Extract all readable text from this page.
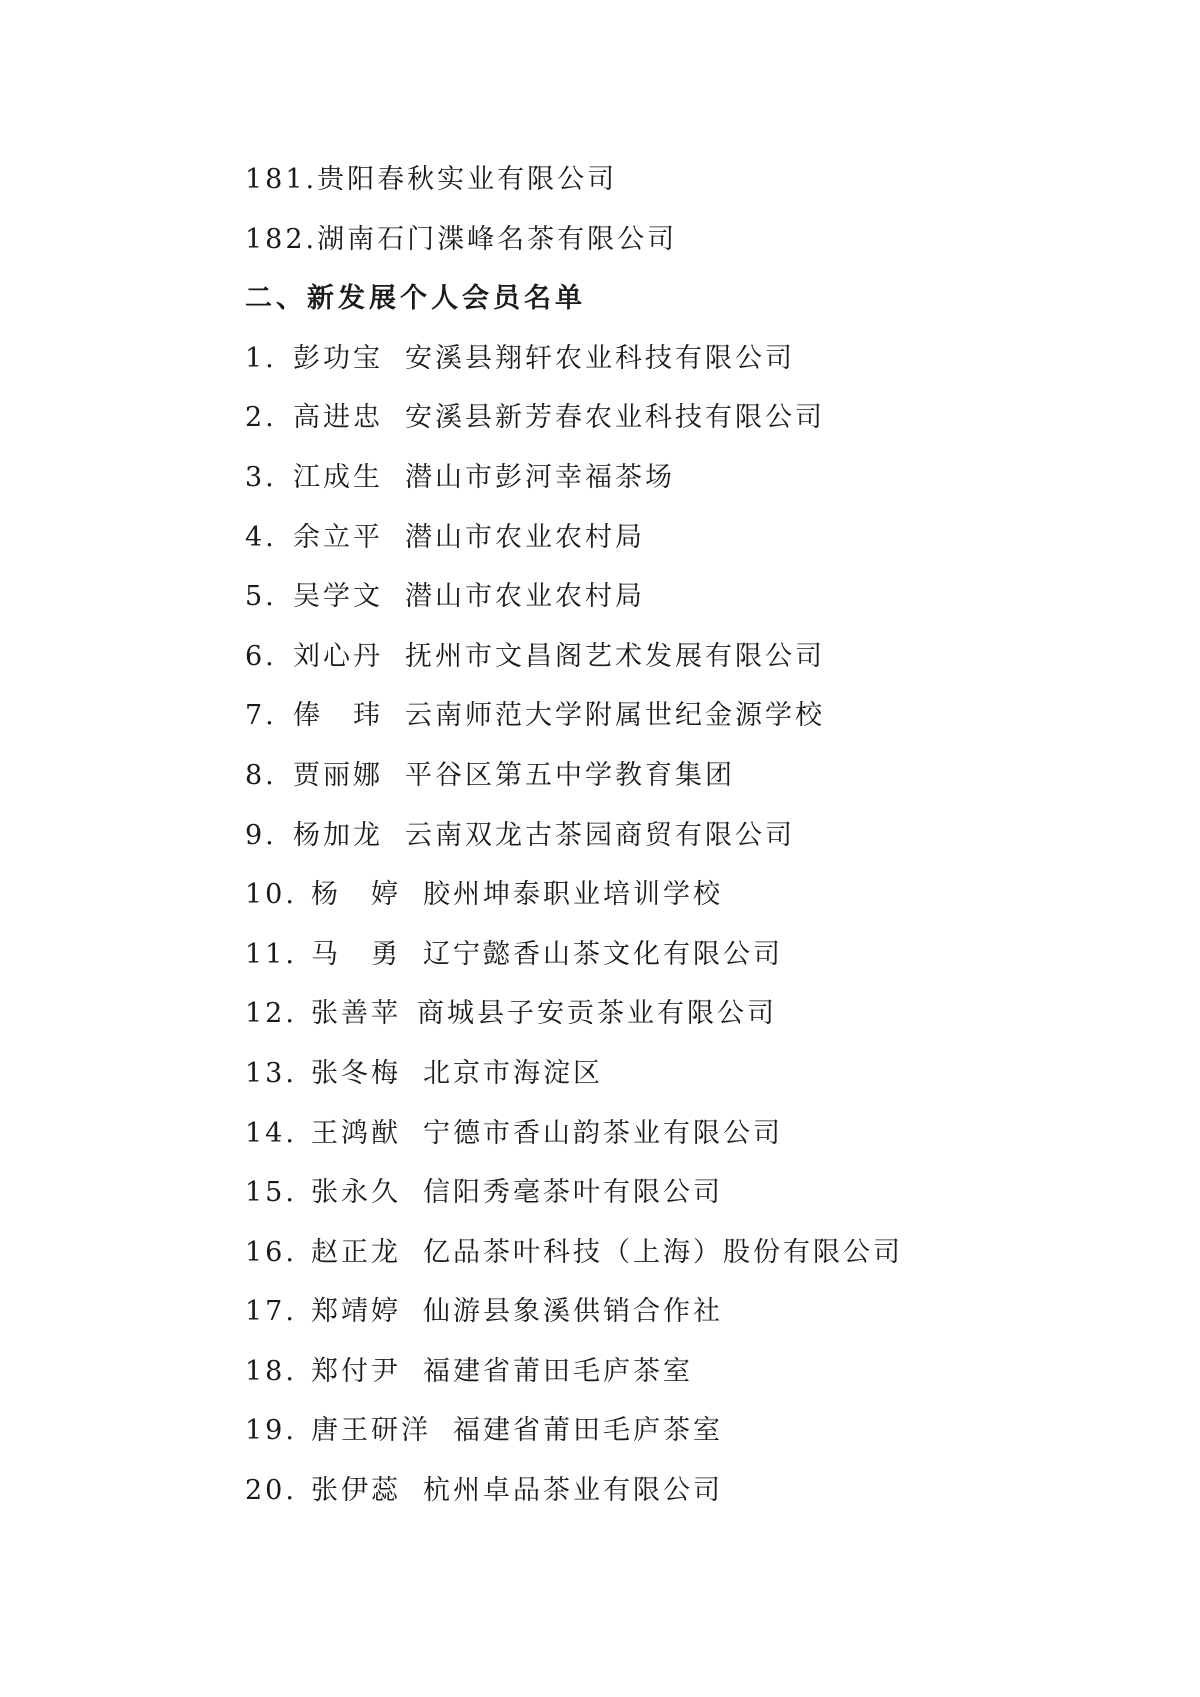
181.贵阳春秋实业有限公司
182.湖南石门渫峰名茶有限公司
二、新发展个人会员名单
1. 彭功宝 安溪县翔轩农业科技有限公司
2. 高进忠 安溪县新芳春农业科技有限公司
3. 江成生 潜山市彭河幸福茶场
4. 余立平 潜山市农业农村局
5. 吴学文 潜山市农业农村局
6. 刘心丹 抚州市文昌阁艺术发展有限公司
7. 俸　玮 云南师范大学附属世纪金源学校
8. 贾丽娜 平谷区第五中学教育集团
9. 杨加龙 云南双龙古茶园商贸有限公司
10. 杨　婷 胶州坤泰职业培训学校
11. 马　勇 辽宁懿香山茶文化有限公司
12. 张善苹 商城县子安贡茶业有限公司
13. 张冬梅 北京市海淀区
14. 王鸿猷 宁德市香山韵茶业有限公司
15. 张永久 信阳秀毫茶叶有限公司
16. 赵正龙 亿品茶叶科技（上海）股份有限公司
17. 郑靖婷 仙游县象溪供销合作社
18. 郑付尹 福建省莆田毛庐茶室
19. 唐王研洋 福建省莆田毛庐茶室
20. 张伊蕊 杭州卓品茶业有限公司
